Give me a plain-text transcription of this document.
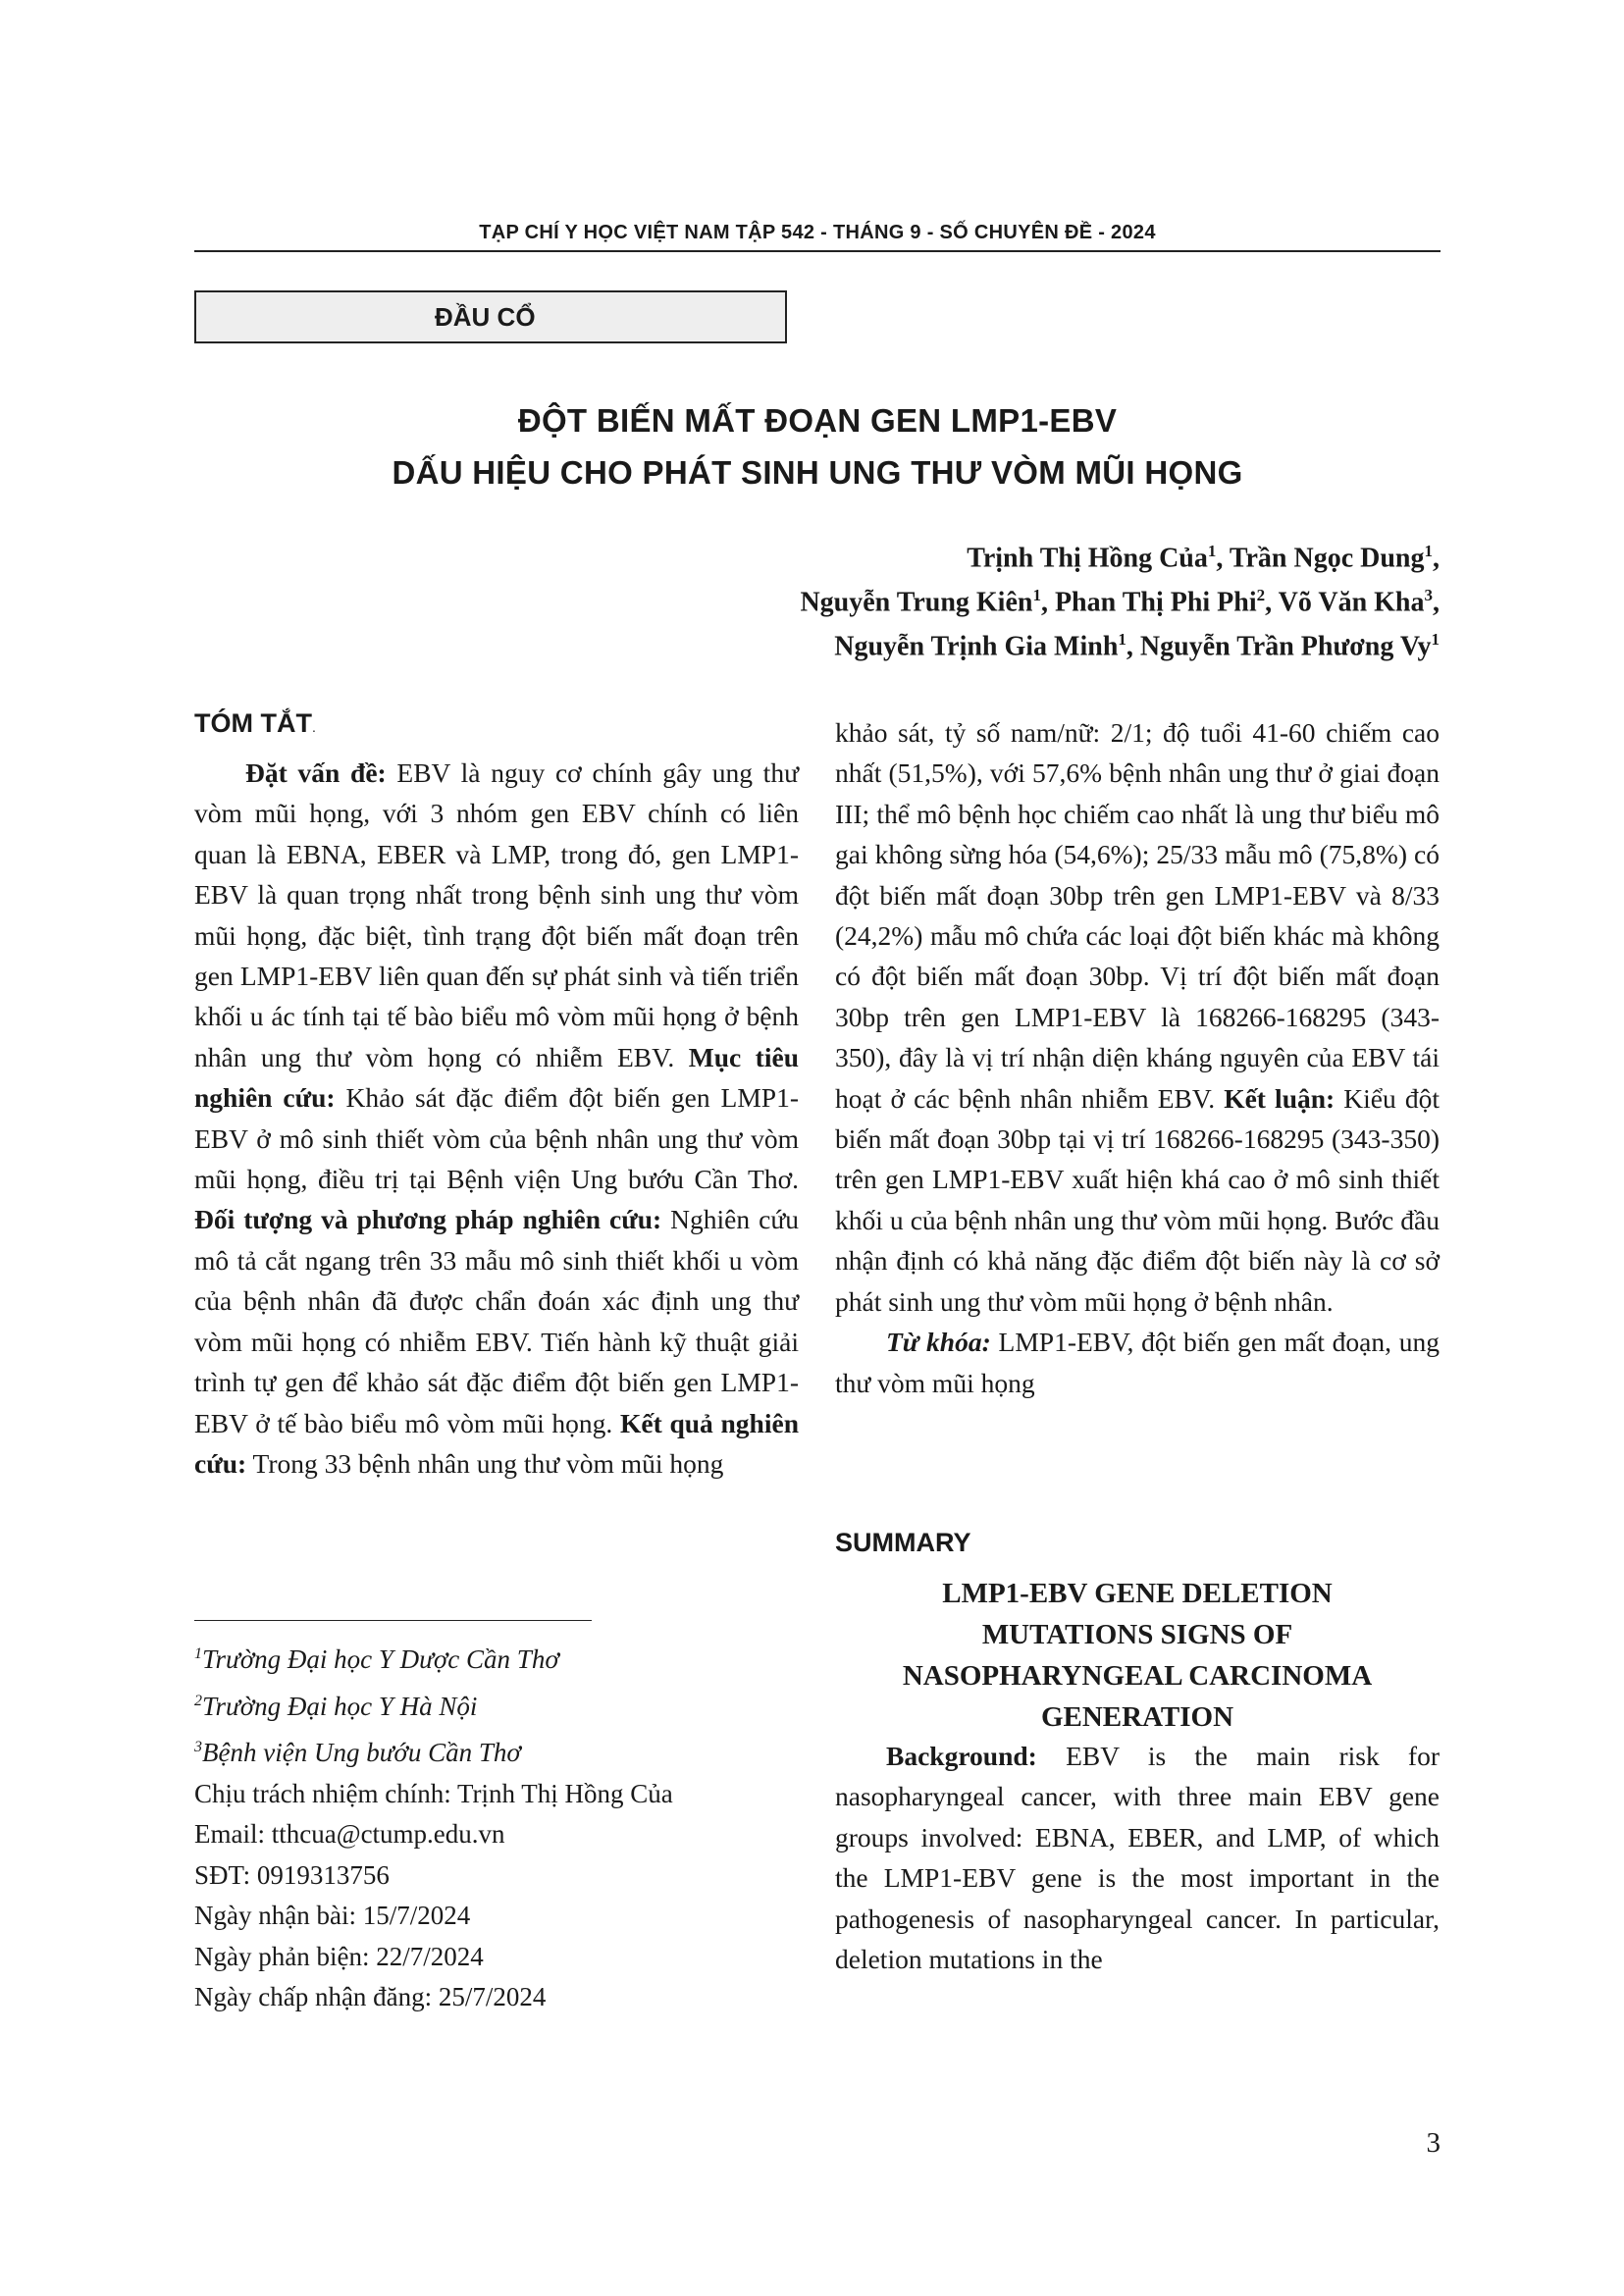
TẠP CHÍ Y HỌC VIỆT NAM TẬP 542 - THÁNG 9 - SỐ CHUYÊN ĐỀ - 2024
ĐẦU CỔ
ĐỘT BIẾN MẤT ĐOẠN GEN LMP1-EBV
DẤU HIỆU CHO PHÁT SINH UNG THƯ VÒM MŨI HỌNG
Trịnh Thị Hồng Của$^1$, Trần Ngọc Dung$^1$,
Nguyễn Trung Kiên$^1$, Phan Thị Phi Phi$^2$, Võ Văn Kha$^3$,
Nguyễn Trịnh Gia Minh$^1$, Nguyễn Trần Phương Vy$^1$
TÓM TẮT.

Đặt vấn đề: EBV là nguy cơ chính gây ung thư vòm mũi họng, với 3 nhóm gen EBV chính có liên quan là EBNA, EBER và LMP, trong đó, gen LMP1-EBV là quan trọng nhất trong bệnh sinh ung thư vòm mũi họng, đặc biệt, tình trạng đột biến mất đoạn trên gen LMP1-EBV liên quan đến sự phát sinh và tiến triển khối u ác tính tại tế bào biểu mô vòm mũi họng ở bệnh nhân ung thư vòm họng có nhiễm EBV. Mục tiêu nghiên cứu: Khảo sát đặc điểm đột biến gen LMP1-EBV ở mô sinh thiết vòm của bệnh nhân ung thư vòm mũi họng, điều trị tại Bệnh viện Ung bướu Cần Thơ. Đối tượng và phương pháp nghiên cứu: Nghiên cứu mô tả cắt ngang trên 33 mẫu mô sinh thiết khối u vòm của bệnh nhân đã được chẩn đoán xác định ung thư vòm mũi họng có nhiễm EBV. Tiến hành kỹ thuật giải trình tự gen để khảo sát đặc điểm đột biến gen LMP1-EBV ở tế bào biểu mô vòm mũi họng. Kết quả nghiên cứu: Trong 33 bệnh nhân ung thư vòm mũi họng

khảo sát, tỷ số nam/nữ: 2/1; độ tuổi 41-60 chiếm cao nhất (51,5%), với 57,6% bệnh nhân ung thư ở giai đoạn III; thể mô bệnh học chiếm cao nhất là ung thư biểu mô gai không sừng hóa (54,6%); 25/33 mẫu mô (75,8%) có đột biến mất đoạn 30bp trên gen LMP1-EBV và 8/33 (24,2%) mẫu mô chứa các loại đột biến khác mà không có đột biến mất đoạn 30bp. Vị trí đột biến mất đoạn 30bp trên gen LMP1-EBV là 168266-168295 (343-350), đây là vị trí nhận diện kháng nguyên của EBV tái hoạt ở các bệnh nhân nhiễm EBV. Kết luận: Kiểu đột biến mất đoạn 30bp tại vị trí 168266-168295 (343-350) trên gen LMP1-EBV xuất hiện khá cao ở mô sinh thiết khối u của bệnh nhân ung thư vòm mũi họng. Bước đầu nhận định có khả năng đặc điểm đột biến này là cơ sở phát sinh ung thư vòm mũi họng ở bệnh nhân.

Từ khóa: LMP1-EBV, đột biến gen mất đoạn, ung thư vòm mũi họng

SUMMARY
LMP1-EBV GENE DELETION
MUTATIONS SIGNS OF
NASOPHARYNGEAL CARCINOMA
GENERATION

Background: EBV is the main risk for nasopharyngeal cancer, with three main EBV gene groups involved: EBNA, EBER, and LMP, of which the LMP1-EBV gene is the most important in the pathogenesis of nasopharyngeal cancer. In particular, deletion mutations in the

$^1$Trường Đại học Y Dược Cần Thơ
$^2$Trường Đại học Y Hà Nội
$^3$Bệnh viện Ung bướu Cần Thơ
Chịu trách nhiệm chính: Trịnh Thị Hồng Của
Email: tthcua@ctump.edu.vn
SĐT: 0919313756
Ngày nhận bài: 15/7/2024
Ngày phản biện: 22/7/2024
Ngày chấp nhận đăng: 25/7/2024
3
